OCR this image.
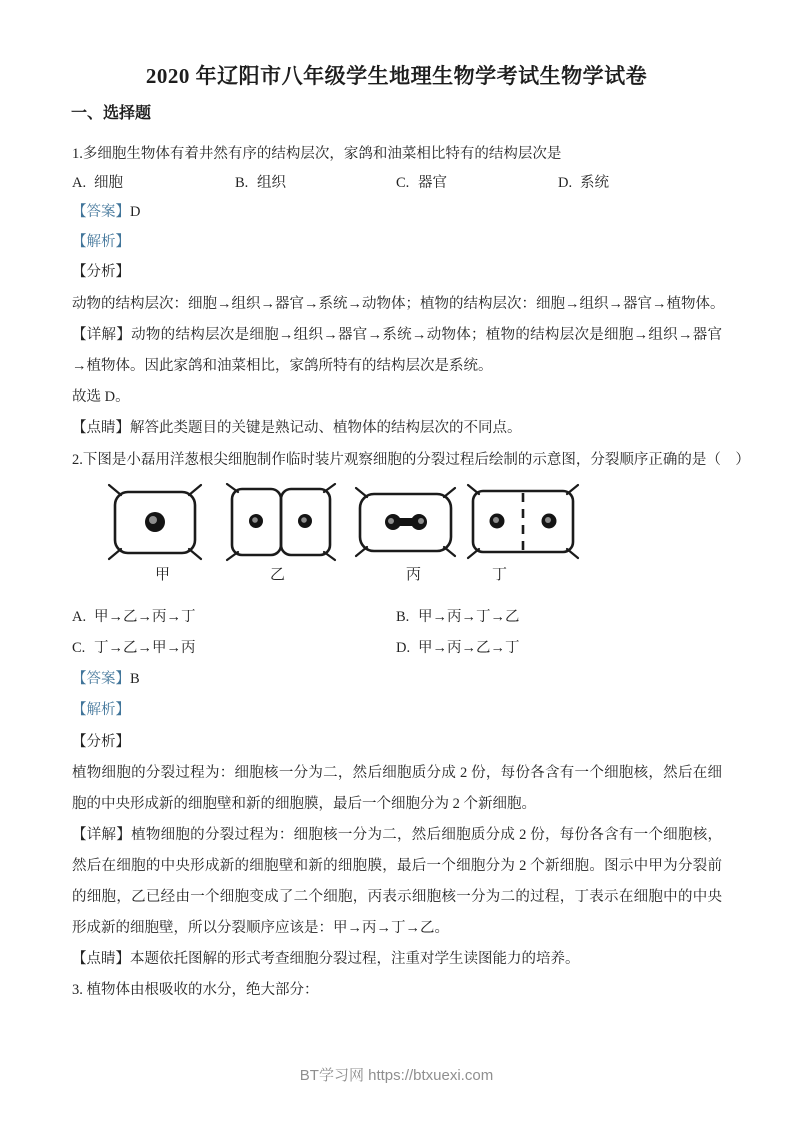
2020 年辽阳市八年级学生地理生物学考试生物学试卷
一、选择题
1.多细胞生物体有着井然有序的结构层次，家鸽和油菜相比特有的结构层次是
A. 细胞	B. 组织	C. 器官	D. 系统
【答案】D
【解析】
【分析】
动物的结构层次：细胞→组织→器官→系统→动物体；植物的结构层次：细胞→组织→器官→植物体。
【详解】动物的结构层次是细胞→组织→器官→系统→动物体；植物的结构层次是细胞→组织→器官→植物体。因此家鸽和油菜相比，家鸽所特有的结构层次是系统。
故选 D。
【点睛】解答此类题目的关键是熟记动、植物体的结构层次的不同点。
2.下图是小磊用洋葱根尖细胞制作临时装片观察细胞的分裂过程后绘制的示意图，分裂顺序正确的是（　）
甲	乙	丙	丁
A. 甲→乙→丙→丁	B. 甲→丙→丁→乙
C. 丁→乙→甲→丙	D. 甲→丙→乙→丁
【答案】B
【解析】
【分析】
植物细胞的分裂过程为：细胞核一分为二，然后细胞质分成 2 份，每份各含有一个细胞核，然后在细胞的中央形成新的细胞壁和新的细胞膜，最后一个细胞分为 2 个新细胞。
【详解】植物细胞的分裂过程为：细胞核一分为二，然后细胞质分成 2 份，每份各含有一个细胞核，然后在细胞的中央形成新的细胞壁和新的细胞膜，最后一个细胞分为 2 个新细胞。图示中甲为分裂前的细胞，乙已经由一个细胞变成了二个细胞，丙表示细胞核一分为二的过程，丁表示在细胞中的中央形成新的细胞壁，所以分裂顺序应该是：甲→丙→丁→乙。
【点睛】本题依托图解的形式考查细胞分裂过程，注重对学生读图能力的培养。
3. 植物体由根吸收的水分，绝大部分：
BT学习网 https://btxuexi.com
